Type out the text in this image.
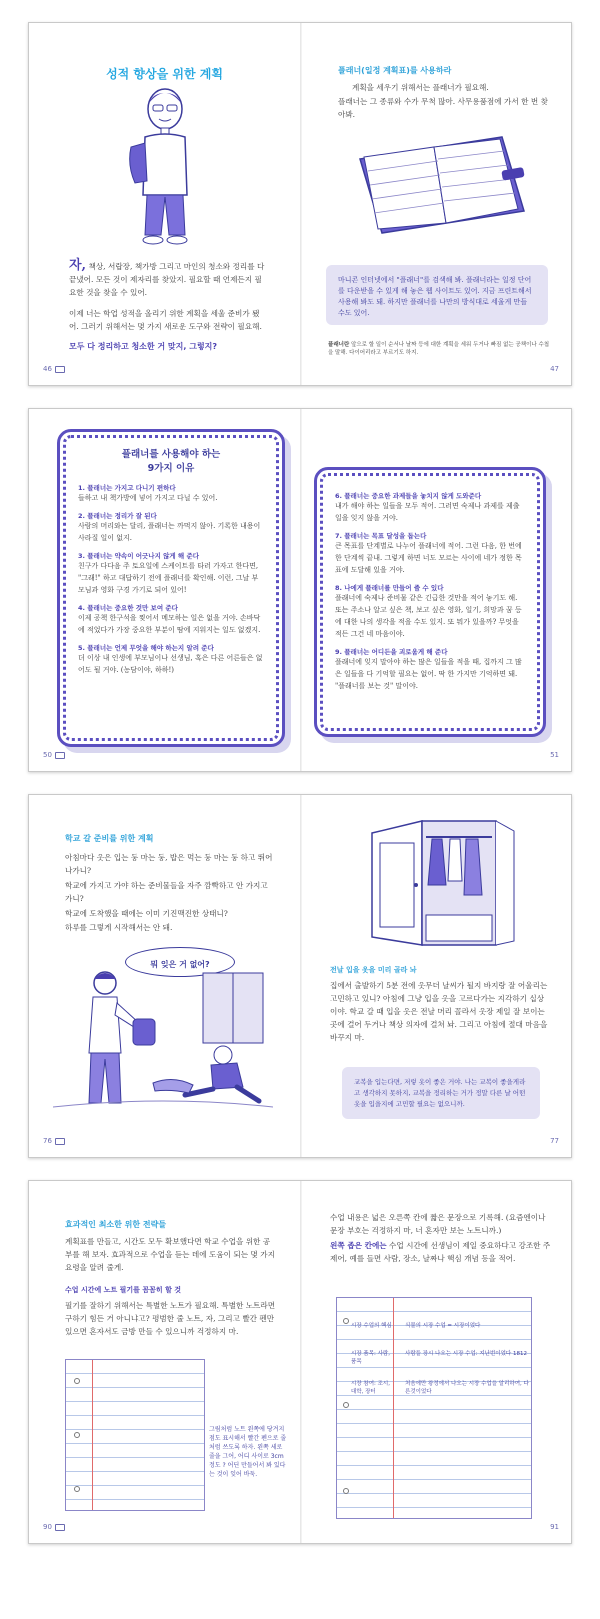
성적 향상을 위한 계획
자, 책상, 서랍장, 책가방 그리고 마인의 청소와 정리를 다 끝냈어. 모든 것이 제자리를 찾았지. 필요할 때 언제든지 필요한 것을 찾을 수 있어.
이제 너는 학업 성적을 올리기 위한 계획을 세울 준비가 됐어. 그러기 위해서는 몇 가지 새로운 도구와 전략이 필요해.
모두 다 정리하고 청소한 거 맞지, 그렇지?
46
플래너(일정 계획표)를 사용하라
계획을 세우기 위해서는 플래너가 필요해.
플래너는 그 종류와 수가 무척 많아. 사무용품점에 가서 한 번 찾아봐.
마니콘 인터넷에서 "플래너"를 검색해 봐. 플래너라는 일정 단어를 다운받을 수 있게 해 놓은 웹 사이트도 있어. 지금 프린트해서 사용해 봐도 돼. 하지만 플래너를 나만의 방식대로 세울게 만들 수도 있어.
플래너란 앞으로 할 일이 순서나 날짜 등에 대한 계획을 세워 두거나 빠짐 없는 공책이나 수첩을 말해. 다이어리라고 부르기도 하지.
47
플래너를 사용해야 하는
9가지 이유
1. 플래너는 가지고 다니기 편하다
들하고 내 책가방에 넣어 가지고 다닐 수 있어.
2. 플래너는 정리가 잘 된다
사람의 머리와는 달리, 플래너는 까먹지 않아. 기록한 내용이 사라질 일이 없지.
3. 플래너는 약속이 어긋나지 않게 해 준다
친구가 다다음 주 토요일에 스케이트를 타러 가자고 한다면, "그래!" 하고 대답하기 전에 플래너를 확인해. 이런, 그날 부모님과 영화 구경 가기로 되어 있어!
4. 플래너는 중요한 것만 보여 준다
이제 공책 한구석을 찢어서 메모하는 일은 없을 거야. 손바닥에 적었다가 가장 중요한 부분이 땀에 지워지는 일도 없겠지.
5. 플래너는 언제 무엇을 해야 하는지 알려 준다
더 이상 내 인생에 부모님이나 선생님, 혹은 다른 어른들은 없어도 될 거야. (농담이야, 하하!)
50
6. 플래너는 중요한 과제들을 놓치지 않게 도와준다
내가 해야 하는 일들을 모두 적어. 그러면 숙제나 과제를 제출일을 잊지 않을 거야.
7. 플래너는 목표 달성을 돕는다
큰 목표를 단계별로 나누어 플래너에 적어. 그런 다음, 한 번에 한 단계씩 끝내. 그렇게 하면 너도 모르는 사이에 네가 정한 목표에 도달해 있을 거야.
8. 나에게 플래너를 만들어 줄 수 있다
플래너에 숙제나 준비물 같은 긴급한 것만을 적어 놓기도 해. 또는 주소나 알고 싶은 책, 보고 싶은 영화, 일기, 희망과 꿈 등에 대한 나의 생각을 적을 수도 있지. 또 뭐가 있을까? 무엇을 적든 그건 네 마음이야.
9. 플래너는 어디든을 괴로움게 해 준다
플래너에 잊지 말아야 하는 많은 일들을 적을 때, 집까지 그 많은 일들을 다 기억할 필요는 없어. 딱 한 가지만 기억하면 돼. "플래너를 보는 것" 말이야.
51
학교 갈 준비를 위한 계획
아침마다 옷은 입는 둥 마는 둥, 밥은 먹는 둥 마는 둥 하고 뛰어나가니?
학교에 가지고 가야 하는 준비물들을 자주 깜빡하고 안 가지고 가니?
학교에 도착했을 때에는 이미 기진맥진한 상태니?
하루를 그렇게 시작해서는 안 돼.
뭐 잊은 거 없어?
76
전날 입을 옷을 미리 골라 놔
집에서 출발하기 5분 전에 옷무더 날씨가 될지 바지랑 잘 어울리는 고민하고 있니? 아침에 그냥 입을 옷을 고르다가는 지각하기 십상이야. 학교 갈 때 입을 옷은 전날 머리 꼴라서 옷장 제일 잘 보이는 곳에 걸어 두거나 책상 의자에 걸쳐 놔. 그리고 아침에 절대 마음을 바꾸지 마.
교복을 입는다면, 저렇 옷이 좋은 거야. 나는 교복이 좋을게라고 생각하지 못하지, 교복을 정리하는 거가 정말 다른 날 어떤 옷을 입을지에 고민할 필요는 없으니까.
77
효과적인 최소한 위한 전략들
계획표를 만들고, 시간도 모두 확보했다면 학교 수업을 위한 공부를 해 보자. 효과적으로 수업을 듣는 데에 도움이 되는 몇 가지 요령을 알려 줄게.
수업 시간에 노트 필기를 꼼꼼히 할 것
필기를 잘하기 위해서는 특별한 노트가 필요해. 특별한 노트라면 구하기 힘든 거 아니냐고? 평범한 줄 노트, 자, 그리고 빨간 펜만 있으면 혼자서도 금방 만들 수 있으니까 걱정하지 마.
그림처럼 노트 왼쪽에 당겨지 점도 표시해서 빨간 펜으로 줄처럼 쓰도록 하자. 왼쪽 세로줄을 그어, 어디 사이로 3cm정도 ? 어딘 만들어서 봐 있다는 것이 잊어 바둑.
90
수업 내용은 넓은 오른쪽 칸에 짧은 문장으로 기록해. (요즘엔이나 문장 부호는 걱정하지 마, 너 혼자만 보는 노트니까.)
왼쪽 좁은 칸에는 수업 시간에 선생님이 제일 중요하다고 강조한 주제어, 예를 들면 사람, 장소, 날짜나 핵심 개념 등을 적어.
시장 수업의 핵심	식물의 시장 수업 = 시장이었다
시장 품목: 사람, 품목
사람들 장시 나오는 시장 수업: 지난번이었다 1812
시장 참여: 조시, 대학, 장터
처음에만 왕정에서 나오는 시장 수업을 알리하여, 다른것이었다
91
